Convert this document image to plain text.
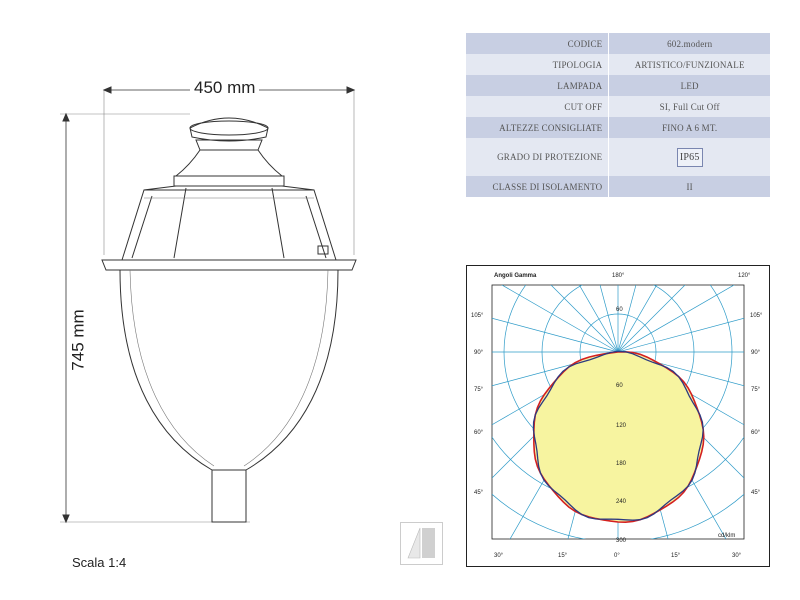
450 mm
745 mm
Scala 1:4
CODICE	602.modern
TIPOLOGIA	ARTISTICO/FUNZIONALE
LAMPADA	LED
CUT OFF	SI, Full Cut Off
ALTEZZE CONSIGLIATE	FINO A 6 MT.
GRADO DI PROTEZIONE	IP65
CLASSE DI ISOLAMENTO	II
Angoli Gamma	180°	120°
105°
90°
75°
60°
45°
105°
90°
75°
60°
45°
30°	15°	0°	15°	30°
60
60
120
180
240
300
cd/klm
